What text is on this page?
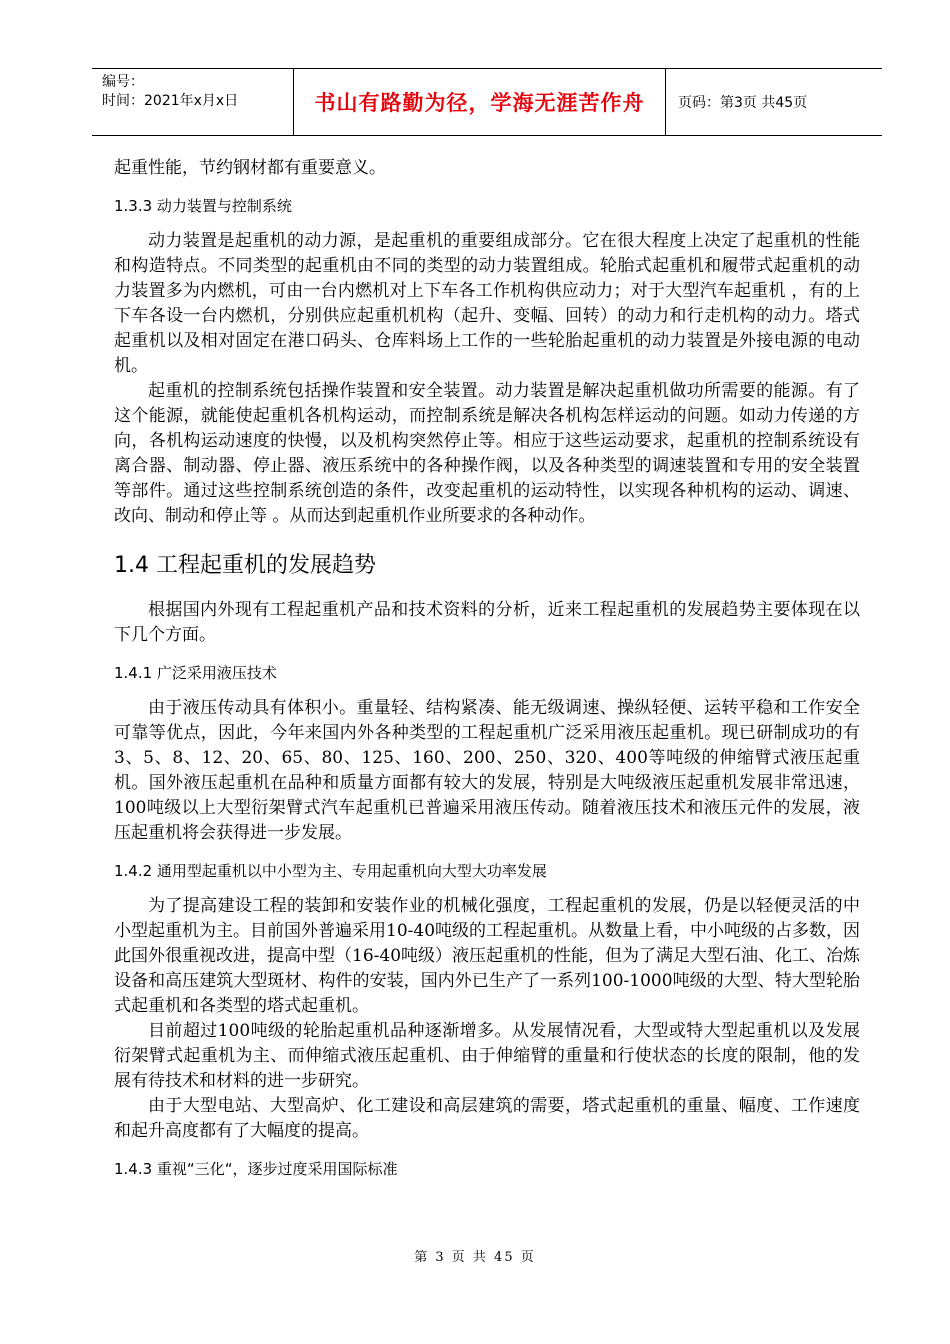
编号：
时间：2021年x月x日	书山有路勤为径，学海无涯苦作舟	页码：第3页 共45页

起重性能，节约钢材都有重要意义。

1.3.3 动力装置与控制系统

动力装置是起重机的动力源，是起重机的重要组成部分。它在很大程度上决定了起重机的性能和构造特点。不同类型的起重机由不同的类型的动力装置组成。轮胎式起重机和履带式起重机的动力装置多为内燃机，可由一台内燃机对上下车各工作机构供应动力；对于大型汽车起重机 ，有的上下车各设一台内燃机，分别供应起重机机构（起升、变幅、回转）的动力和行走机构的动力。塔式起重机以及相对固定在港口码头、仓库料场上工作的一些轮胎起重机的动力装置是外接电源的电动机。

起重机的控制系统包括操作装置和安全装置。动力装置是解决起重机做功所需要的能源。有了这个能源，就能使起重机各机构运动，而控制系统是解决各机构怎样运动的问题。如动力传递的方向，各机构运动速度的快慢，以及机构突然停止等。相应于这些运动要求，起重机的控制系统设有离合器、制动器、停止器、液压系统中的各种操作阀，以及各种类型的调速装置和专用的安全装置等部件。通过这些控制系统创造的条件，改变起重机的运动特性，以实现各种机构的运动、调速、改向、制动和停止等 。从而达到起重机作业所要求的各种动作。

1.4 工程起重机的发展趋势

根据国内外现有工程起重机产品和技术资料的分析，近来工程起重机的发展趋势主要体现在以下几个方面。

1.4.1 广泛采用液压技术

由于液压传动具有体积小。重量轻、结构紧凑、能无级调速、操纵轻便、运转平稳和工作安全可靠等优点，因此，今年来国内外各种类型的工程起重机广泛采用液压起重机。现已研制成功的有3、5、8、12、20、65、80、125、160、200、250、320、400等吨级的伸缩臂式液压起重机。国外液压起重机在品种和质量方面都有较大的发展，特别是大吨级液压起重机发展非常迅速，100吨级以上大型衍架臂式汽车起重机已普遍采用液压传动。随着液压技术和液压元件的发展，液压起重机将会获得进一步发展。

1.4.2 通用型起重机以中小型为主、专用起重机向大型大功率发展

为了提高建设工程的装卸和安装作业的机械化强度，工程起重机的发展，仍是以轻便灵活的中小型起重机为主。目前国外普遍采用10-40吨级的工程起重机。从数量上看，中小吨级的占多数，因此国外很重视改进，提高中型（16-40吨级）液压起重机的性能，但为了满足大型石油、化工、冶炼设备和高压建筑大型斑材、构件的安装，国内外已生产了一系列100-1000吨级的大型、特大型轮胎式起重机和各类型的塔式起重机。

目前超过100吨级的轮胎起重机品种逐渐增多。从发展情况看，大型或特大型起重机以及发展衍架臂式起重机为主、而伸缩式液压起重机、由于伸缩臂的重量和行使状态的长度的限制，他的发展有待技术和材料的进一步研究。

由于大型电站、大型高炉、化工建设和高层建筑的需要，塔式起重机的重量、幅度、工作速度和起升高度都有了大幅度的提高。

1.4.3 重视“三化“，逐步过度采用国际标准
第 3 页 共 45 页
